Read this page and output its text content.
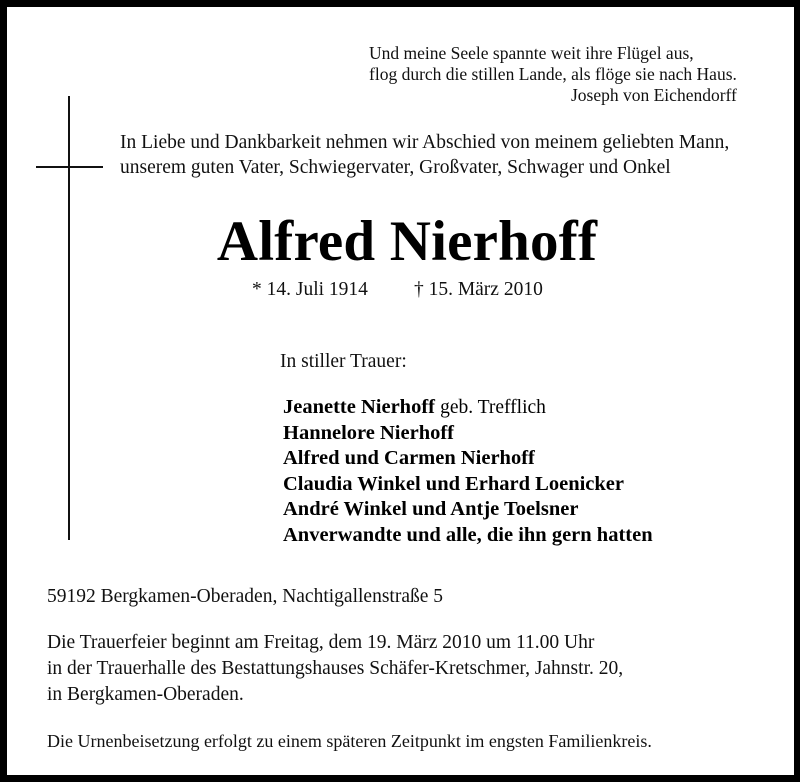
Und meine Seele spannte weit ihre Flügel aus,
flog durch die stillen Lande, als flöge sie nach Haus.
Joseph von Eichendorff
In Liebe und Dankbarkeit nehmen wir Abschied von meinem geliebten Mann,
unserem guten Vater, Schwiegervater, Großvater, Schwager und Onkel
Alfred Nierhoff
* 14. Juli 1914 † 15. März 2010
In stiller Trauer:
Jeanette Nierhoff geb. Trefflich
Hannelore Nierhoff
Alfred und Carmen Nierhoff
Claudia Winkel und Erhard Loenicker
André Winkel und Antje Toelsner
Anverwandte und alle, die ihn gern hatten
59192 Bergkamen-Oberaden, Nachtigallenstraße 5
Die Trauerfeier beginnt am Freitag, dem 19. März 2010 um 11.00 Uhr
in der Trauerhalle des Bestattungshauses Schäfer-Kretschmer, Jahnstr. 20,
in Bergkamen-Oberaden.
Die Urnenbeisetzung erfolgt zu einem späteren Zeitpunkt im engsten Familienkreis.
